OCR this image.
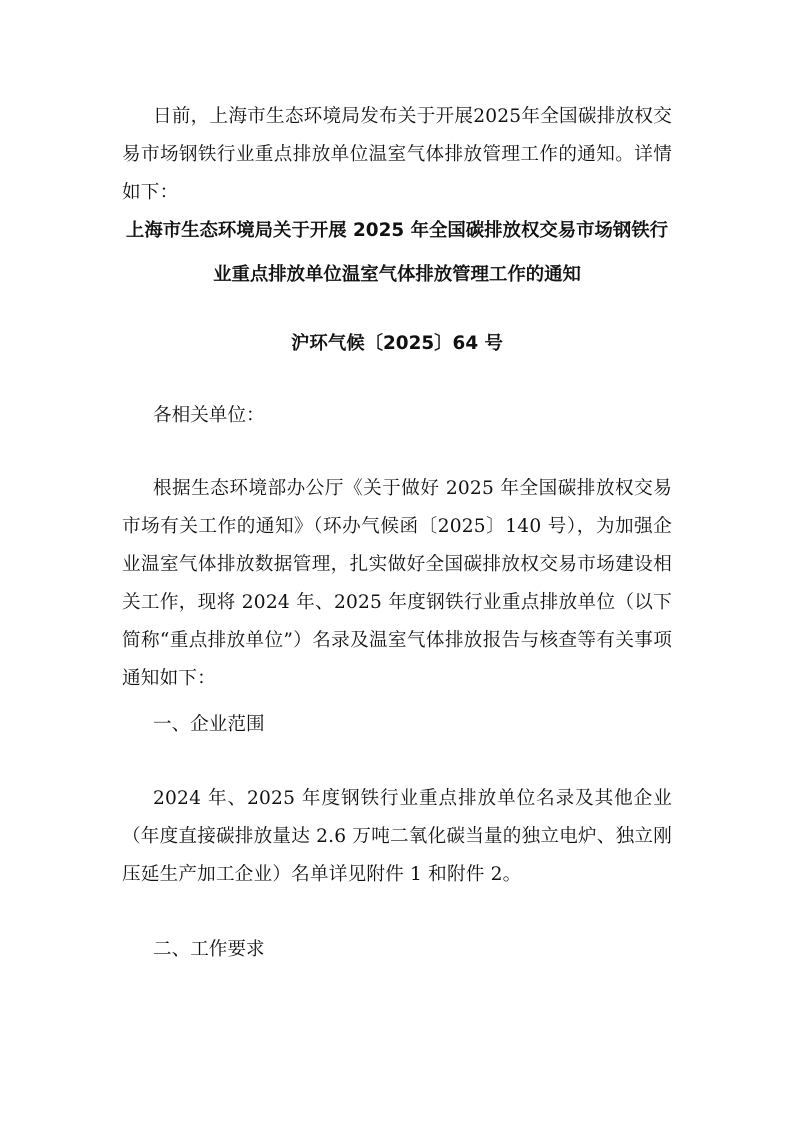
日前，上海市生态环境局发布关于开展2025年全国碳排放权交易市场钢铁行业重点排放单位温室气体排放管理工作的通知。详情如下：

上海市生态环境局关于开展 2025 年全国碳排放权交易市场钢铁行

业重点排放单位温室气体排放管理工作的通知

沪环气候〔2025〕64 号

各相关单位：

根据生态环境部办公厅《关于做好 2025 年全国碳排放权交易市场有关工作的通知》（环办气候函〔2025〕140 号），为加强企业温室气体排放数据管理，扎实做好全国碳排放权交易市场建设相关工作，现将 2024 年、2025 年度钢铁行业重点排放单位（以下简称“重点排放单位”）名录及温室气体排放报告与核查等有关事项通知如下：

一、企业范围

2024 年、2025 年度钢铁行业重点排放单位名录及其他企业（年度直接碳排放量达 2.6 万吨二氧化碳当量的独立电炉、独立刚压延生产加工企业）名单详见附件 1 和附件 2。

二、工作要求
